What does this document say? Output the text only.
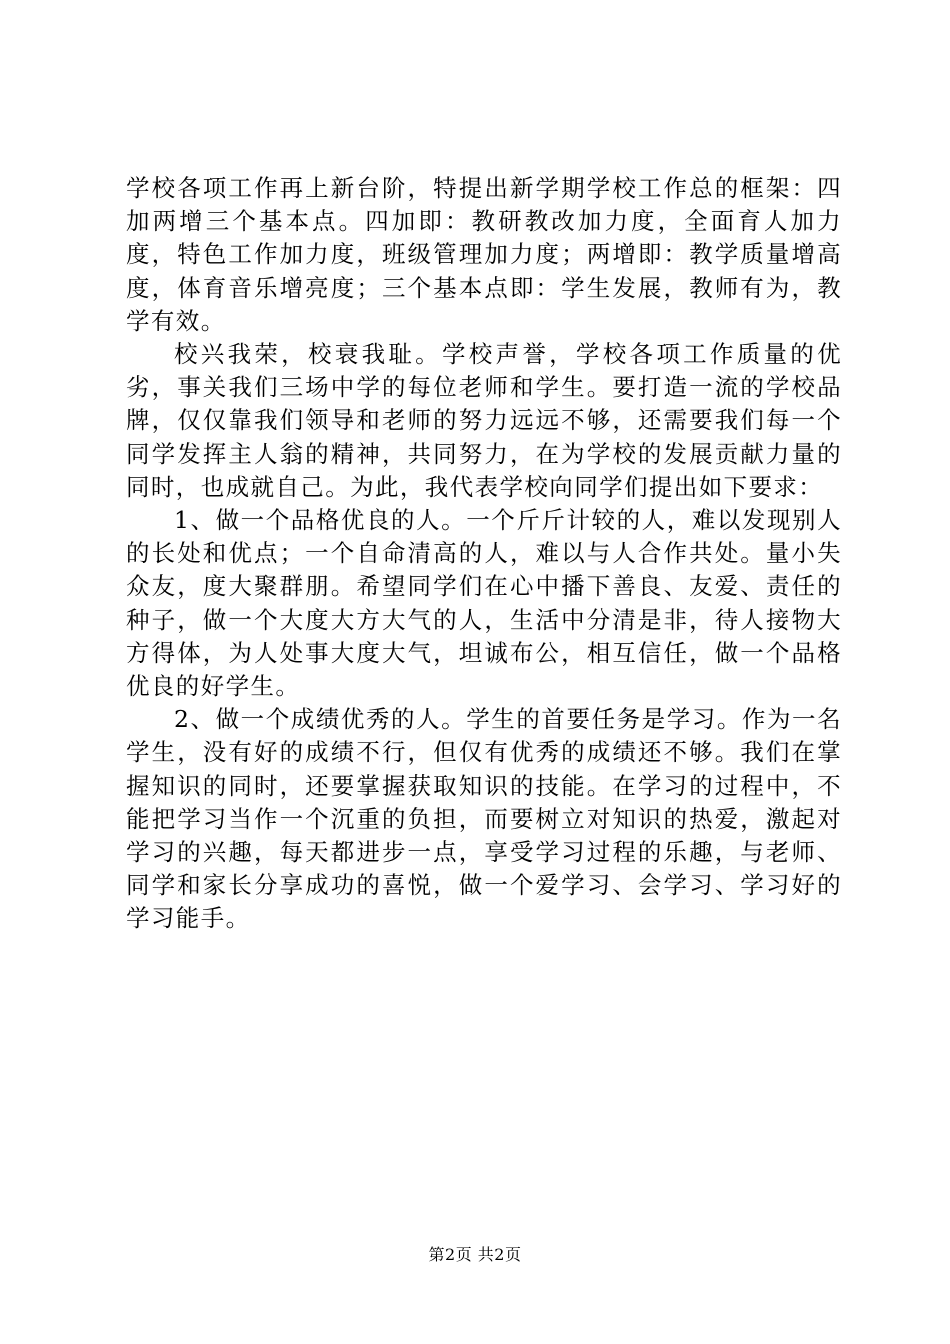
学校各项工作再上新台阶，特提出新学期学校工作总的框架：四加两增三个基本点。四加即：教研教改加力度，全面育人加力度，特色工作加力度，班级管理加力度；两增即：教学质量增高度，体育音乐增亮度；三个基本点即：学生发展，教师有为，教学有效。

校兴我荣，校衰我耻。学校声誉，学校各项工作质量的优劣，事关我们三场中学的每位老师和学生。要打造一流的学校品牌，仅仅靠我们领导和老师的努力远远不够，还需要我们每一个同学发挥主人翁的精神，共同努力，在为学校的发展贡献力量的同时，也成就自己。为此，我代表学校向同学们提出如下要求：

1、做一个品格优良的人。一个斤斤计较的人，难以发现别人的长处和优点；一个自命清高的人，难以与人合作共处。量小失众友，度大聚群朋。希望同学们在心中播下善良、友爱、责任的种子，做一个大度大方大气的人，生活中分清是非，待人接物大方得体，为人处事大度大气，坦诚布公，相互信任，做一个品格优良的好学生。

2、做一个成绩优秀的人。学生的首要任务是学习。作为一名学生，没有好的成绩不行，但仅有优秀的成绩还不够。我们在掌握知识的同时，还要掌握获取知识的技能。在学习的过程中，不能把学习当作一个沉重的负担，而要树立对知识的热爱，激起对学习的兴趣，每天都进步一点，享受学习过程的乐趣，与老师、同学和家长分享成功的喜悦，做一个爱学习、会学习、学习好的学习能手。

第2页 共2页
